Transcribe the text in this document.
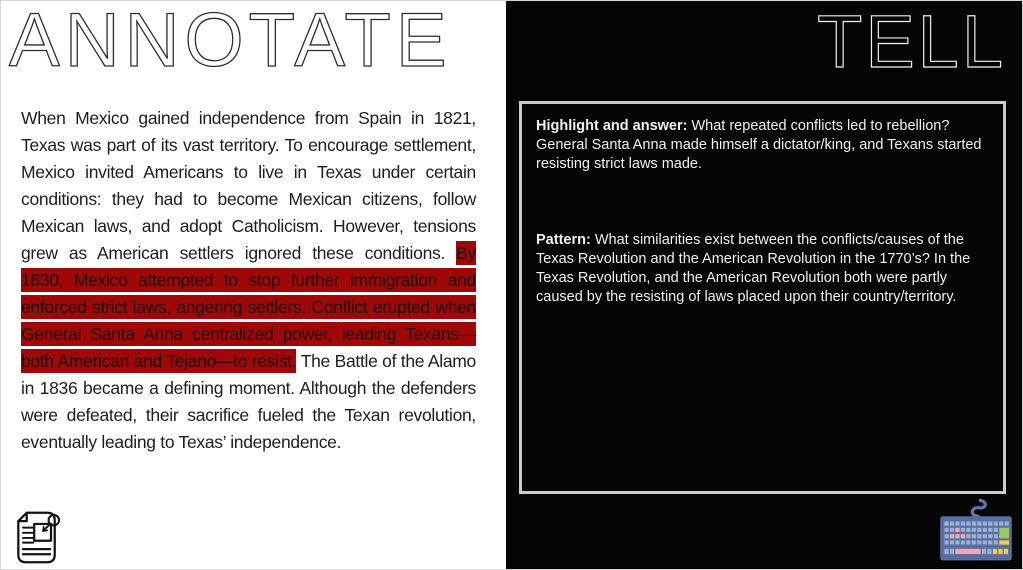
ANNOTATE

When Mexico gained independence from Spain in 1821, Texas was part of its vast territory. To encourage settlement, Mexico invited Americans to live in Texas under certain conditions: they had to become Mexican citizens, follow Mexican laws, and adopt Catholicism. However, tensions grew as American settlers ignored these conditions. By 1830, Mexico attempted to stop further immigration and enforced strict laws, angering settlers. Conflict erupted when General Santa Anna centralized power, leading Texans—both American and Tejano—to resist. The Battle of the Alamo in 1836 became a defining moment. Although the defenders were defeated, their sacrifice fueled the Texan revolution, eventually leading to Texas’ independence.

TELL

Highlight and answer: What repeated conflicts led to rebellion? General Santa Anna made himself a dictator/king, and Texans started resisting strict laws made.

Pattern: What similarities exist between the conflicts/causes of the Texas Revolution and the American Revolution in the 1770’s? In the Texas Revolution, and the American Revolution both were partly caused by the resisting of laws placed upon their country/territory.
